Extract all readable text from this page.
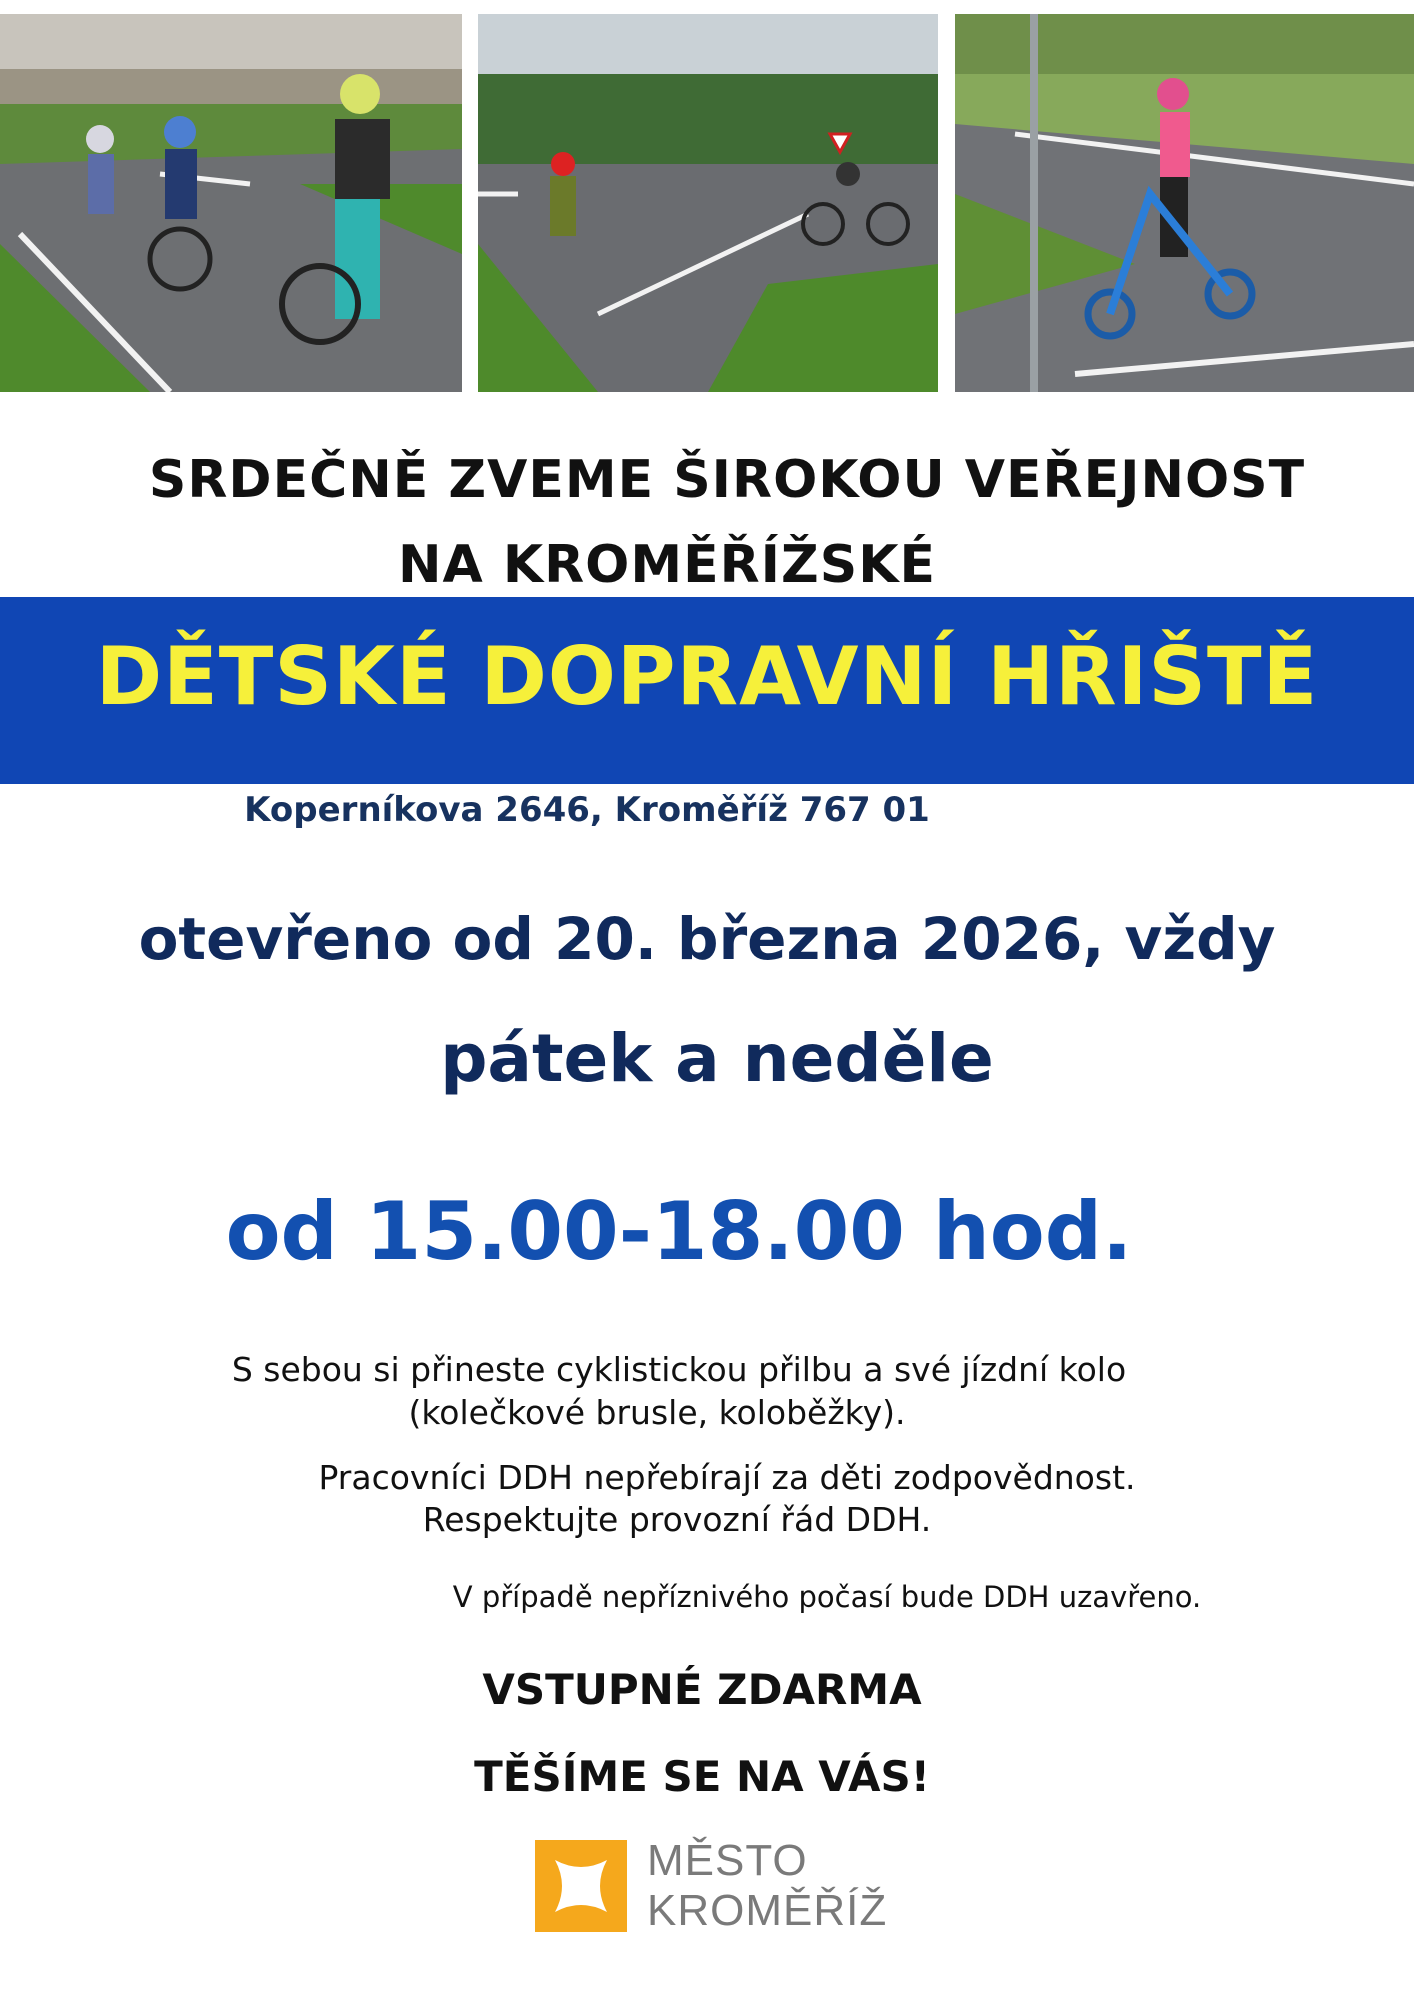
SRDEČNĚ ZVEME ŠIROKOU VEŘEJNOST
NA KROMĚŘÍŽSKÉ
DĚTSKÉ DOPRAVNÍ HŘIŠTĚ
Koperníkova 2646, Kroměříž 767 01
otevřeno od 20. března 2026, vždy
pátek a neděle
od 15.00-18.00 hod.
S sebou si přineste cyklistickou přilbu a své jízdní kolo
(kolečkové brusle, koloběžky).
Pracovníci DDH nepřebírají za děti zodpovědnost.
Respektujte provozní řád DDH.
V případě nepříznivého počasí bude DDH uzavřeno.
VSTUPNÉ ZDARMA
TĚŠÍME SE NA VÁS!
MĚSTO
KROMĚŘÍŽ
